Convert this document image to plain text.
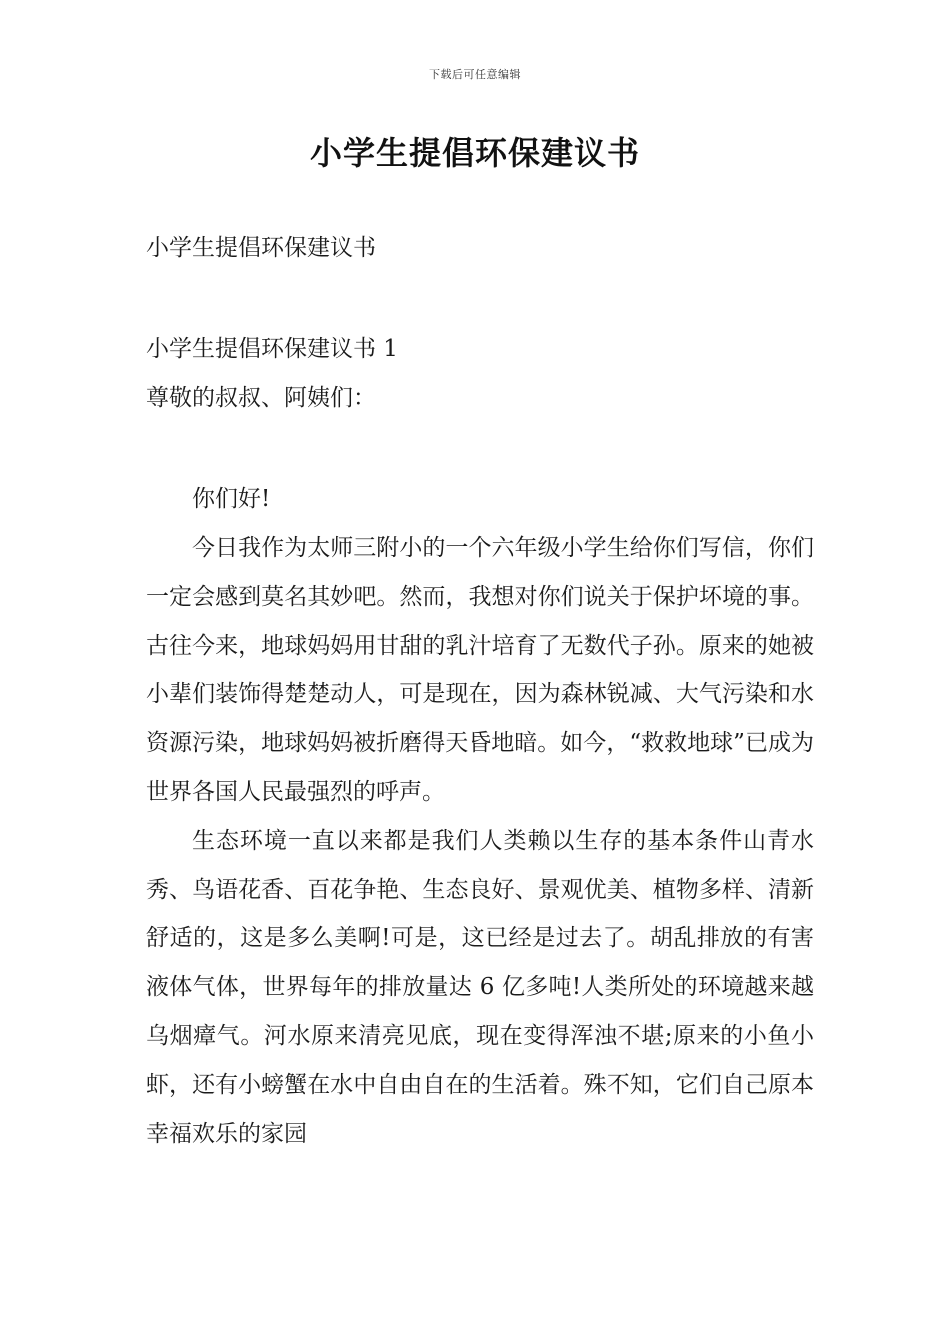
下载后可任意编辑
小学生提倡环保建议书
小学生提倡环保建议书
小学生提倡环保建议书 1
尊敬的叔叔、阿姨们：
你们好!

今日我作为太师三附小的一个六年级小学生给你们写信，你们一定会感到莫名其妙吧。然而，我想对你们说关于保护坏境的事。古往今来，地球妈妈用甘甜的乳汁培育了无数代子孙。原来的她被小辈们装饰得楚楚动人，可是现在，因为森林锐减、大气污染和水资源污染，地球妈妈被折磨得天昏地暗。如今，“救救地球”已成为世界各国人民最强烈的呼声。

生态环境一直以来都是我们人类赖以生存的基本条件山青水秀、鸟语花香、百花争艳、生态良好、景观优美、植物多样、清新舒适的，这是多么美啊!可是，这已经是过去了。胡乱排放的有害液体气体，世界每年的排放量达 6 亿多吨!人类所处的环境越来越乌烟瘴气。河水原来清亮见底，现在变得浑浊不堪;原来的小鱼小虾，还有小螃蟹在水中自由自在的生活着。殊不知，它们自己原本幸福欢乐的家园
